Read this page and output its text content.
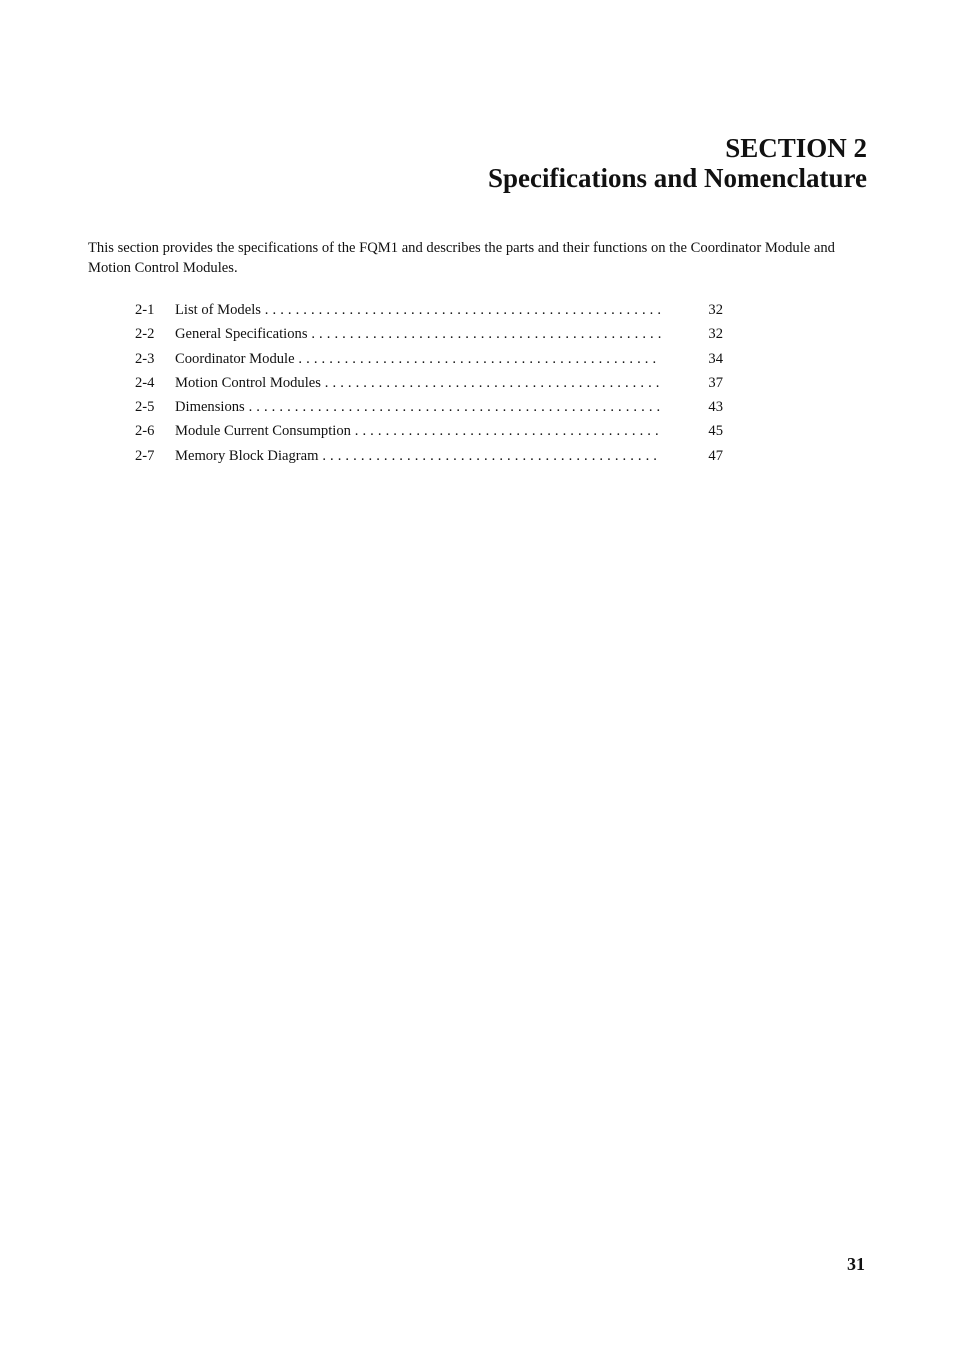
SECTION 2
Specifications and Nomenclature

This section provides the specifications of the FQM1 and describes the parts and their functions on the Coordinator Module and Motion Control Modules.

2-1 List of Models . . .	32
2-2 General Specifications . . .	32
2-3 Coordinator Module . . .	34
2-4 Motion Control Modules . . .	37
2-5 Dimensions . . .	43
2-6 Module Current Consumption . . .	45
2-7 Memory Block Diagram . . .	47
31
